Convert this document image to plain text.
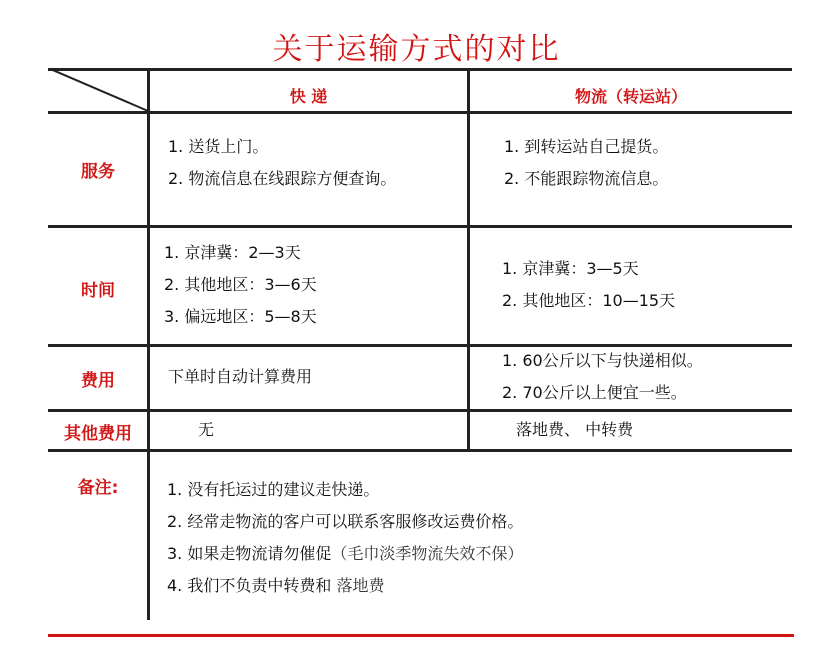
关于运输方式的对比
快 递	物流（转运站）
服务
时间
费用
其他费用
备注:
1. 送货上门。
2. 物流信息在线跟踪方便查询。
1. 到转运站自己提货。
2. 不能跟踪物流信息。
1. 京津冀：2—3天
2. 其他地区：3—6天
3. 偏远地区：5—8天
1. 京津冀：3—5天
2. 其他地区：10—15天
下单时自动计算费用
1. 60公斤以下与快递相似。
2. 70公斤以上便宜一些。
无	落地费、 中转费
1. 没有托运过的建议走快递。
2. 经常走物流的客户可以联系客服修改运费价格。
3. 如果走物流请勿催促（毛巾淡季物流失效不保）
4. 我们不负责中转费和 落地费
